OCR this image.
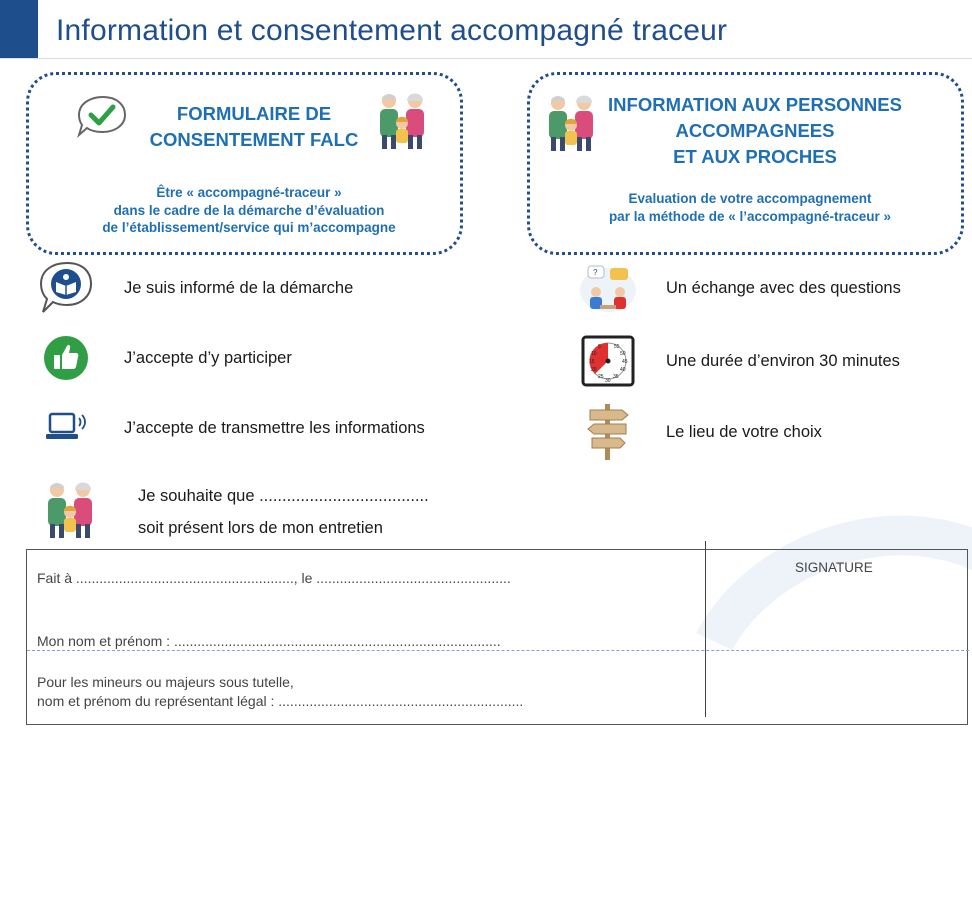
Information et consentement accompagné traceur
FORMULAIRE DE
CONSENTEMENT FALC
Être « accompagné-traceur »
dans le cadre de la démarche d’évaluation
de l’établissement/service qui m’accompagne
INFORMATION AUX PERSONNES
ACCOMPAGNEES
ET AUX PROCHES
Evaluation de votre accompagnement
par la méthode de « l’accompagné-traceur »
Je suis informé de la démarche
J’accepte d’y participer
J’accepte de transmettre les informations
Je souhaite que .....................................
soit présent lors de mon entretien
?
Un échange avec des questions
5	55
10	50
15	45
20	40
25 35
30
Une durée d’environ 30 minutes
Le lieu de votre choix
Fait à ........................................................, le ..................................................
Mon nom et prénom : ....................................................................................
Pour les mineurs ou majeurs sous tutelle,
nom et prénom du représentant légal : ...............................................................
SIGNATURE
